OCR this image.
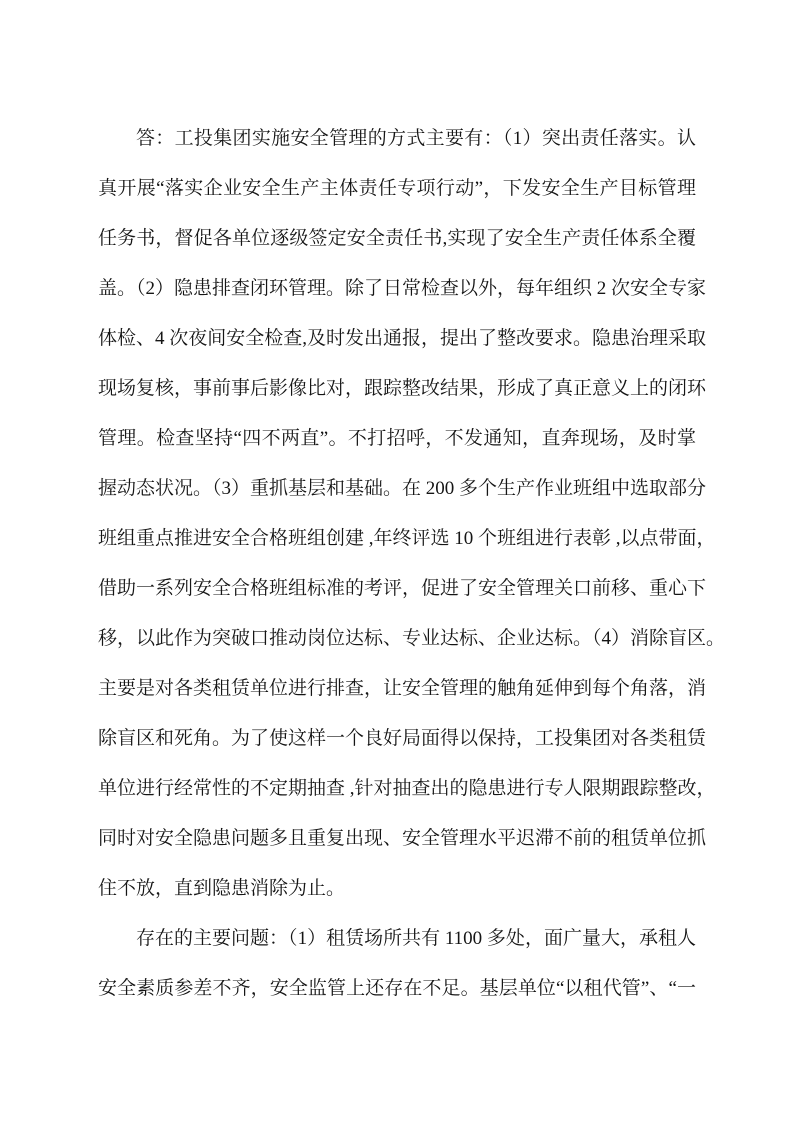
答：工投集团实施安全管理的方式主要有：（1）突出责任落实。认
真开展“落实企业安全生产主体责任专项行动”，下发安全生产目标管理
任务书，督促各单位逐级签定安全责任书,实现了安全生产责任体系全覆
盖。（2）隐患排查闭环管理。除了日常检查以外，每年组织 2 次安全专家
体检、4 次夜间安全检查,及时发出通报，提出了整改要求。隐患治理采取
现场复核，事前事后影像比对，跟踪整改结果，形成了真正意义上的闭环
管理。检查坚持“四不两直”。不打招呼，不发通知，直奔现场，及时掌
握动态状况。（3）重抓基层和基础。在 200 多个生产作业班组中选取部分
班组重点推进安全合格班组创建 ,年终评选 10 个班组进行表彰 ,以点带面，
借助一系列安全合格班组标准的考评，促进了安全管理关口前移、重心下
移，以此作为突破口推动岗位达标、专业达标、企业达标。（4）消除盲区。
主要是对各类租赁单位进行排查，让安全管理的触角延伸到每个角落，消
除盲区和死角。为了使这样一个良好局面得以保持，工投集团对各类租赁
单位进行经常性的不定期抽查 ,针对抽查出的隐患进行专人限期跟踪整改，
同时对安全隐患问题多且重复出现、安全管理水平迟滞不前的租赁单位抓
住不放，直到隐患消除为止。
存在的主要问题：（1）租赁场所共有 1100 多处，面广量大，承租人
安全素质参差不齐，安全监管上还存在不足。基层单位“以租代管”、“一
